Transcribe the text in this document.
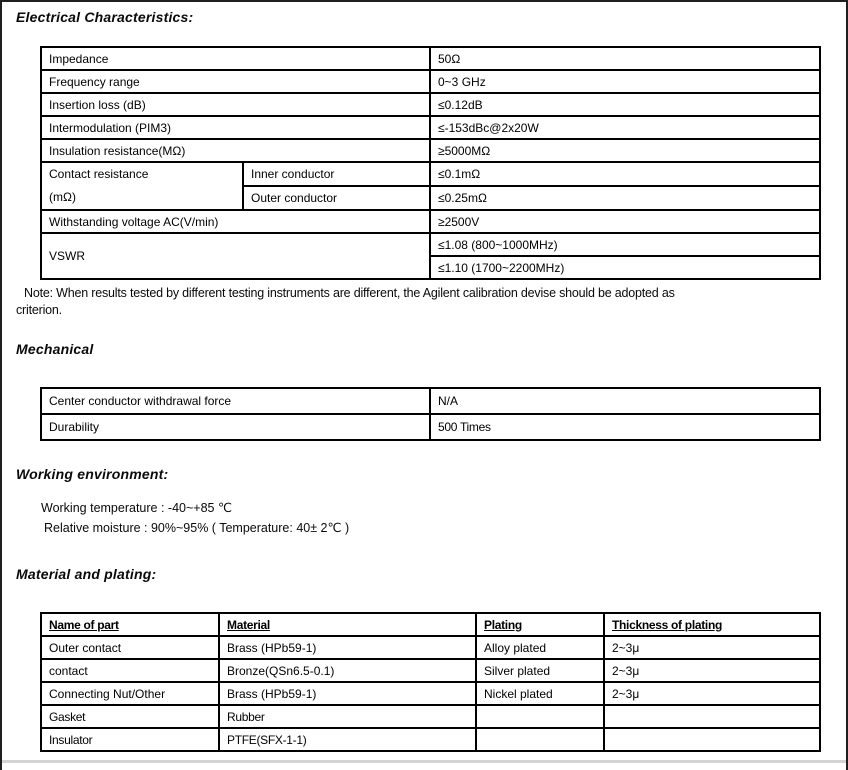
Electrical Characteristics:
Impedance		50Ω
Frequency range		0~3 GHz
Insertion loss (dB)		≤0.12dB
Intermodulation (PIM3)		≤-153dBc@2x20W
Insulation resistance(MΩ)		≥5000MΩ

Contact resistance
(mΩ)	Inner conductor	≤0.1mΩ
	Outer conductor	≤0.25mΩ
Withstanding voltage AC(V/min)		≥2500V
VSWR		≤1.08 (800~1000MHz)
		≤1.10 (1700~2200MHz)

Note: When results tested by different testing instruments are different, the Agilent calibration devise should be adopted as
criterion.

Mechanical
Center conductor withdrawal force	N/A
Durability	500 Times
Working environment:

Working temperature : -40~+85 ℃

Relative moisture : 90%~95% ( Temperature: 40± 2℃ )

Material and plating:
Name of part	Material	Plating	Thickness of plating
Outer contact	Brass (HPb59-1)	Alloy plated	2~3μ
contact	Bronze(QSn6.5-0.1)	Silver plated	2~3μ
Connecting Nut/Other	Brass (HPb59-1)	Nickel plated	2~3μ
Gasket	Rubber		
Insulator	PTFE(SFX-1-1)		
